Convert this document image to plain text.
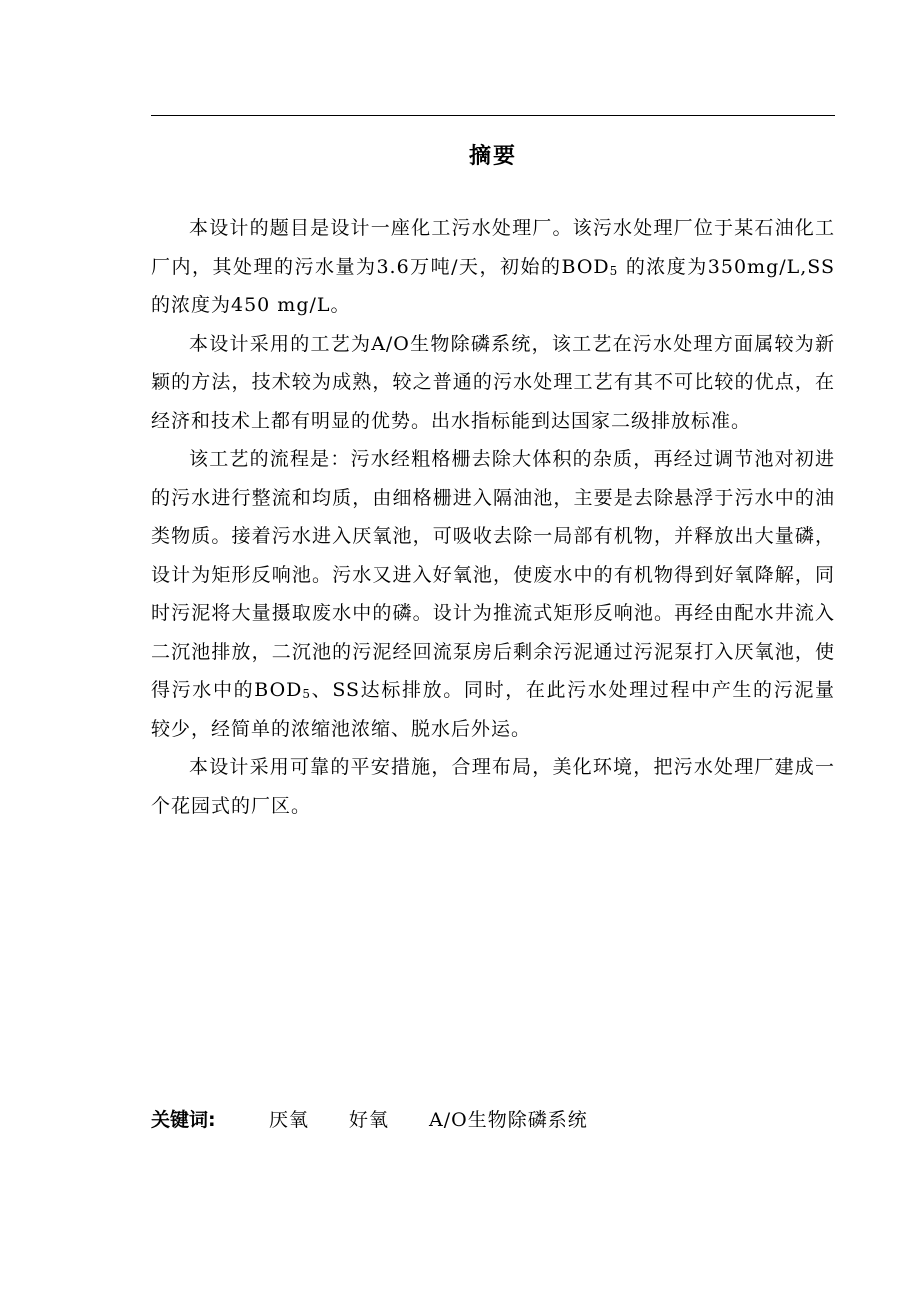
摘要

本设计的题目是设计一座化工污水处理厂。该污水处理厂位于某石油化工厂内，其处理的污水量为3.6万吨/天，初始的$BOD_5$ 的浓度为350mg/L,SS的浓度为450 mg/L。

本设计采用的工艺为A/O生物除磷系统，该工艺在污水处理方面属较为新颖的方法，技术较为成熟，较之普通的污水处理工艺有其不可比较的优点，在经济和技术上都有明显的优势。出水指标能到达国家二级排放标准。

该工艺的流程是：污水经粗格栅去除大体积的杂质，再经过调节池对初进的污水进行整流和均质，由细格栅进入隔油池，主要是去除悬浮于污水中的油类物质。接着污水进入厌氧池，可吸收去除一局部有机物，并释放出大量磷，设计为矩形反响池。污水又进入好氧池，使废水中的有机物得到好氧降解，同时污泥将大量摄取废水中的磷。设计为推流式矩形反响池。再经由配水井流入二沉池排放，二沉池的污泥经回流泵房后剩余污泥通过污泥泵打入厌氧池，使得污水中的$BOD_5$、SS达标排放。同时，在此污水处理过程中产生的污泥量较少，经简单的浓缩池浓缩、脱水后外运。

本设计采用可靠的平安措施，合理布局，美化环境，把污水处理厂建成一个花园式的厂区。

关键词:	厌氧 好氧 A/O生物除磷系统
